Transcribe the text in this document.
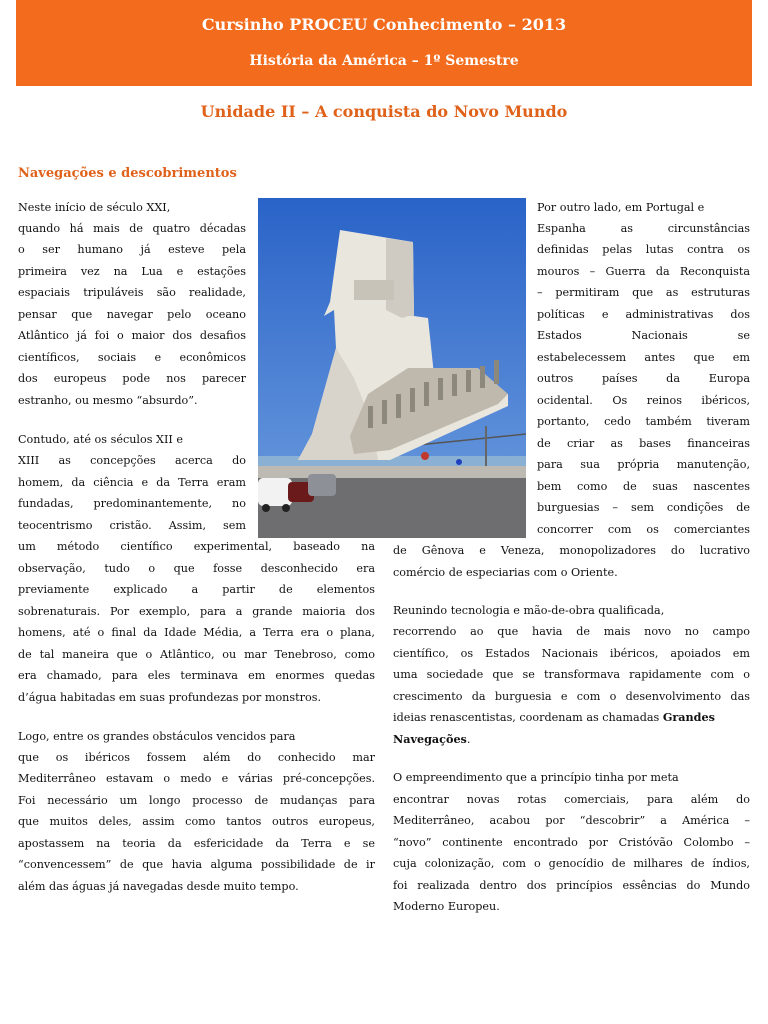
Cursinho PROCEU Conhecimento – 2013
História da América – 1º Semestre
Unidade II – A conquista do Novo Mundo
Navegações e descobrimentos
Neste início de século XXI,
quando há mais de quatro décadas
o ser humano já esteve pela
primeira vez na Lua e estações
espaciais tripuláveis são realidade,
pensar que navegar pelo oceano
Atlântico já foi o maior dos desafios
científicos, sociais e econômicos
dos europeus pode nos parecer
estranho, ou mesmo “absurdo”.
Contudo, até os séculos XII e
XIII as concepções acerca do
homem, da ciência e da Terra eram
fundadas, predominantemente, no
teocentrismo cristão. Assim, sem
um método científico experimental, baseado na
observação, tudo o que fosse desconhecido era
previamente explicado a partir de elementos
sobrenaturais. Por exemplo, para a grande maioria dos
homens, até o final da Idade Média, a Terra era o plana,
de tal maneira que o Atlântico, ou mar Tenebroso, como
era chamado, para eles terminava em enormes quedas
d’água habitadas em suas profundezas por monstros.
Logo, entre os grandes obstáculos vencidos para
que os ibéricos fossem além do conhecido mar
Mediterrâneo estavam o medo e várias pré-concepções.
Foi necessário um longo processo de mudanças para
que muitos deles, assim como tantos outros europeus,
apostassem na teoria da esfericidade da Terra e se
“convencessem” de que havia alguma possibilidade de ir
além das águas já navegadas desde muito tempo.
Por outro lado, em Portugal e
Espanha as circunstâncias
definidas pelas lutas contra os
mouros – Guerra da Reconquista
– permitiram que as estruturas
políticas e administrativas dos
Estados Nacionais se
estabelecessem antes que em
outros países da Europa
ocidental. Os reinos ibéricos,
portanto, cedo também tiveram
de criar as bases financeiras
para sua própria manutenção,
bem como de suas nascentes
burguesias – sem condições de
concorrer com os comerciantes
de Gênova e Veneza, monopolizadores do lucrativo
comércio de especiarias com o Oriente.
Reunindo tecnologia e mão-de-obra qualificada,
recorrendo ao que havia de mais novo no campo
científico, os Estados Nacionais ibéricos, apoiados em
uma sociedade que se transformava rapidamente com o
crescimento da burguesia e com o desenvolvimento das
ideias renascentistas, coordenam as chamadas Grandes
Navegações.
O empreendimento que a princípio tinha por meta
encontrar novas rotas comerciais, para além do
Mediterrâneo, acabou por “descobrir” a América –
“novo” continente encontrado por Cristóvão Colombo –
cuja colonização, com o genocídio de milhares de índios,
foi realizada dentro dos princípios essências do Mundo
Moderno Europeu.
